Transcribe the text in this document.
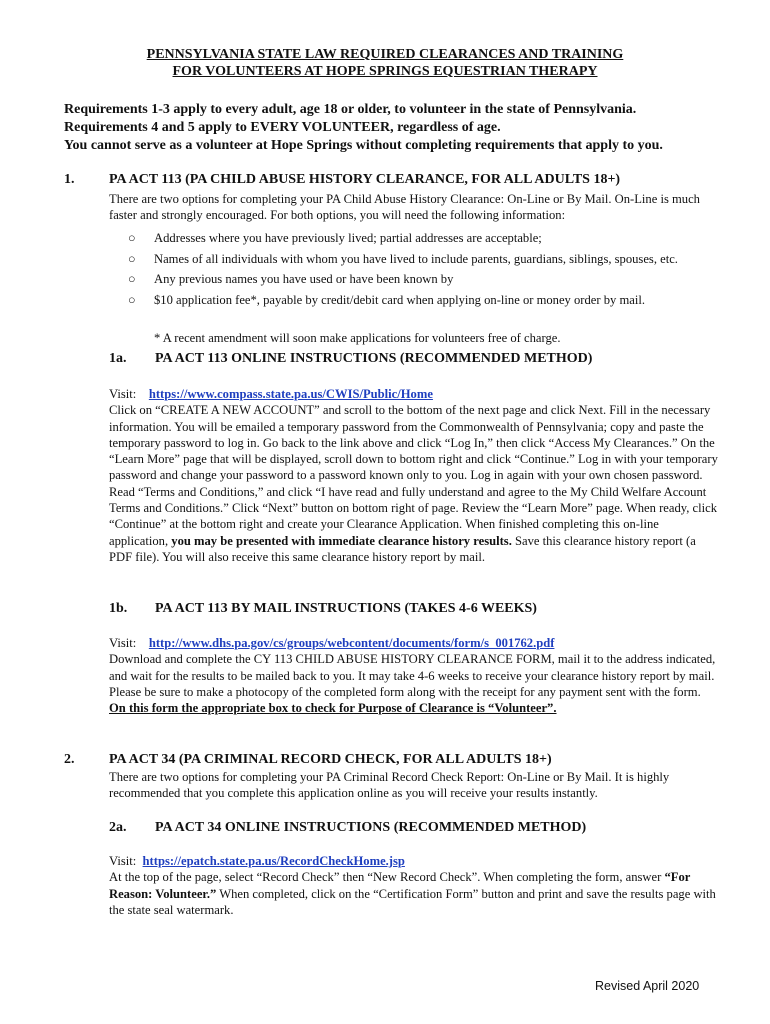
PENNSYLVANIA STATE LAW REQUIRED CLEARANCES AND TRAINING
FOR VOLUNTEERS AT HOPE SPRINGS EQUESTRIAN THERAPY
Requirements 1-3 apply to every adult, age 18 or older, to volunteer in the state of Pennsylvania.
Requirements 4 and 5 apply to EVERY VOLUNTEER, regardless of age.
You cannot serve as a volunteer at Hope Springs without completing requirements that apply to you.
1. PA ACT 113 (PA CHILD ABUSE HISTORY CLEARANCE, FOR ALL ADULTS 18+)
There are two options for completing your PA Child Abuse History Clearance: On-Line or By Mail. On-Line is much faster and strongly encouraged. For both options, you will need the following information:
○ Addresses where you have previously lived; partial addresses are acceptable;
○ Names of all individuals with whom you have lived to include parents, guardians, siblings, spouses, etc.
○ Any previous names you have used or have been known by
○ $10 application fee*, payable by credit/debit card when applying on-line or money order by mail.
* A recent amendment will soon make applications for volunteers free of charge.
1a. PA ACT 113 ONLINE INSTRUCTIONS (RECOMMENDED METHOD)
Visit: https://www.compass.state.pa.us/CWIS/Public/Home
Click on “CREATE A NEW ACCOUNT” and scroll to the bottom of the next page and click Next. Fill in the necessary information. You will be emailed a temporary password from the Commonwealth of Pennsylvania; copy and paste the temporary password to log in. Go back to the link above and click “Log In,” then click “Access My Clearances.” On the “Learn More” page that will be displayed, scroll down to bottom right and click “Continue.” Log in with your temporary password and change your password to a password known only to you. Log in again with your own chosen password. Read “Terms and Conditions,” and click “I have read and fully understand and agree to the My Child Welfare Account Terms and Conditions.” Click “Next” button on bottom right of page. Review the “Learn More” page. When ready, click “Continue” at the bottom right and create your Clearance Application. When finished completing this on-line application, you may be presented with immediate clearance history results. Save this clearance history report (a PDF file). You will also receive this same clearance history report by mail.
1b. PA ACT 113 BY MAIL INSTRUCTIONS (TAKES 4-6 WEEKS)
Visit: http://www.dhs.pa.gov/cs/groups/webcontent/documents/form/s_001762.pdf
Download and complete the CY 113 CHILD ABUSE HISTORY CLEARANCE FORM, mail it to the address indicated, and wait for the results to be mailed back to you. It may take 4-6 weeks to receive your clearance history report by mail. Please be sure to make a photocopy of the completed form along with the receipt for any payment sent with the form. On this form the appropriate box to check for Purpose of Clearance is “Volunteer”.
2. PA ACT 34 (PA CRIMINAL RECORD CHECK, FOR ALL ADULTS 18+)
There are two options for completing your PA Criminal Record Check Report: On-Line or By Mail. It is highly recommended that you complete this application online as you will receive your results instantly.
2a. PA ACT 34 ONLINE INSTRUCTIONS (RECOMMENDED METHOD)
Visit: https://epatch.state.pa.us/RecordCheckHome.jsp
At the top of the page, select “Record Check” then “New Record Check”. When completing the form, answer “For Reason: Volunteer.” When completed, click on the “Certification Form” button and print and save the results page with the state seal watermark.
Revised April 2020
